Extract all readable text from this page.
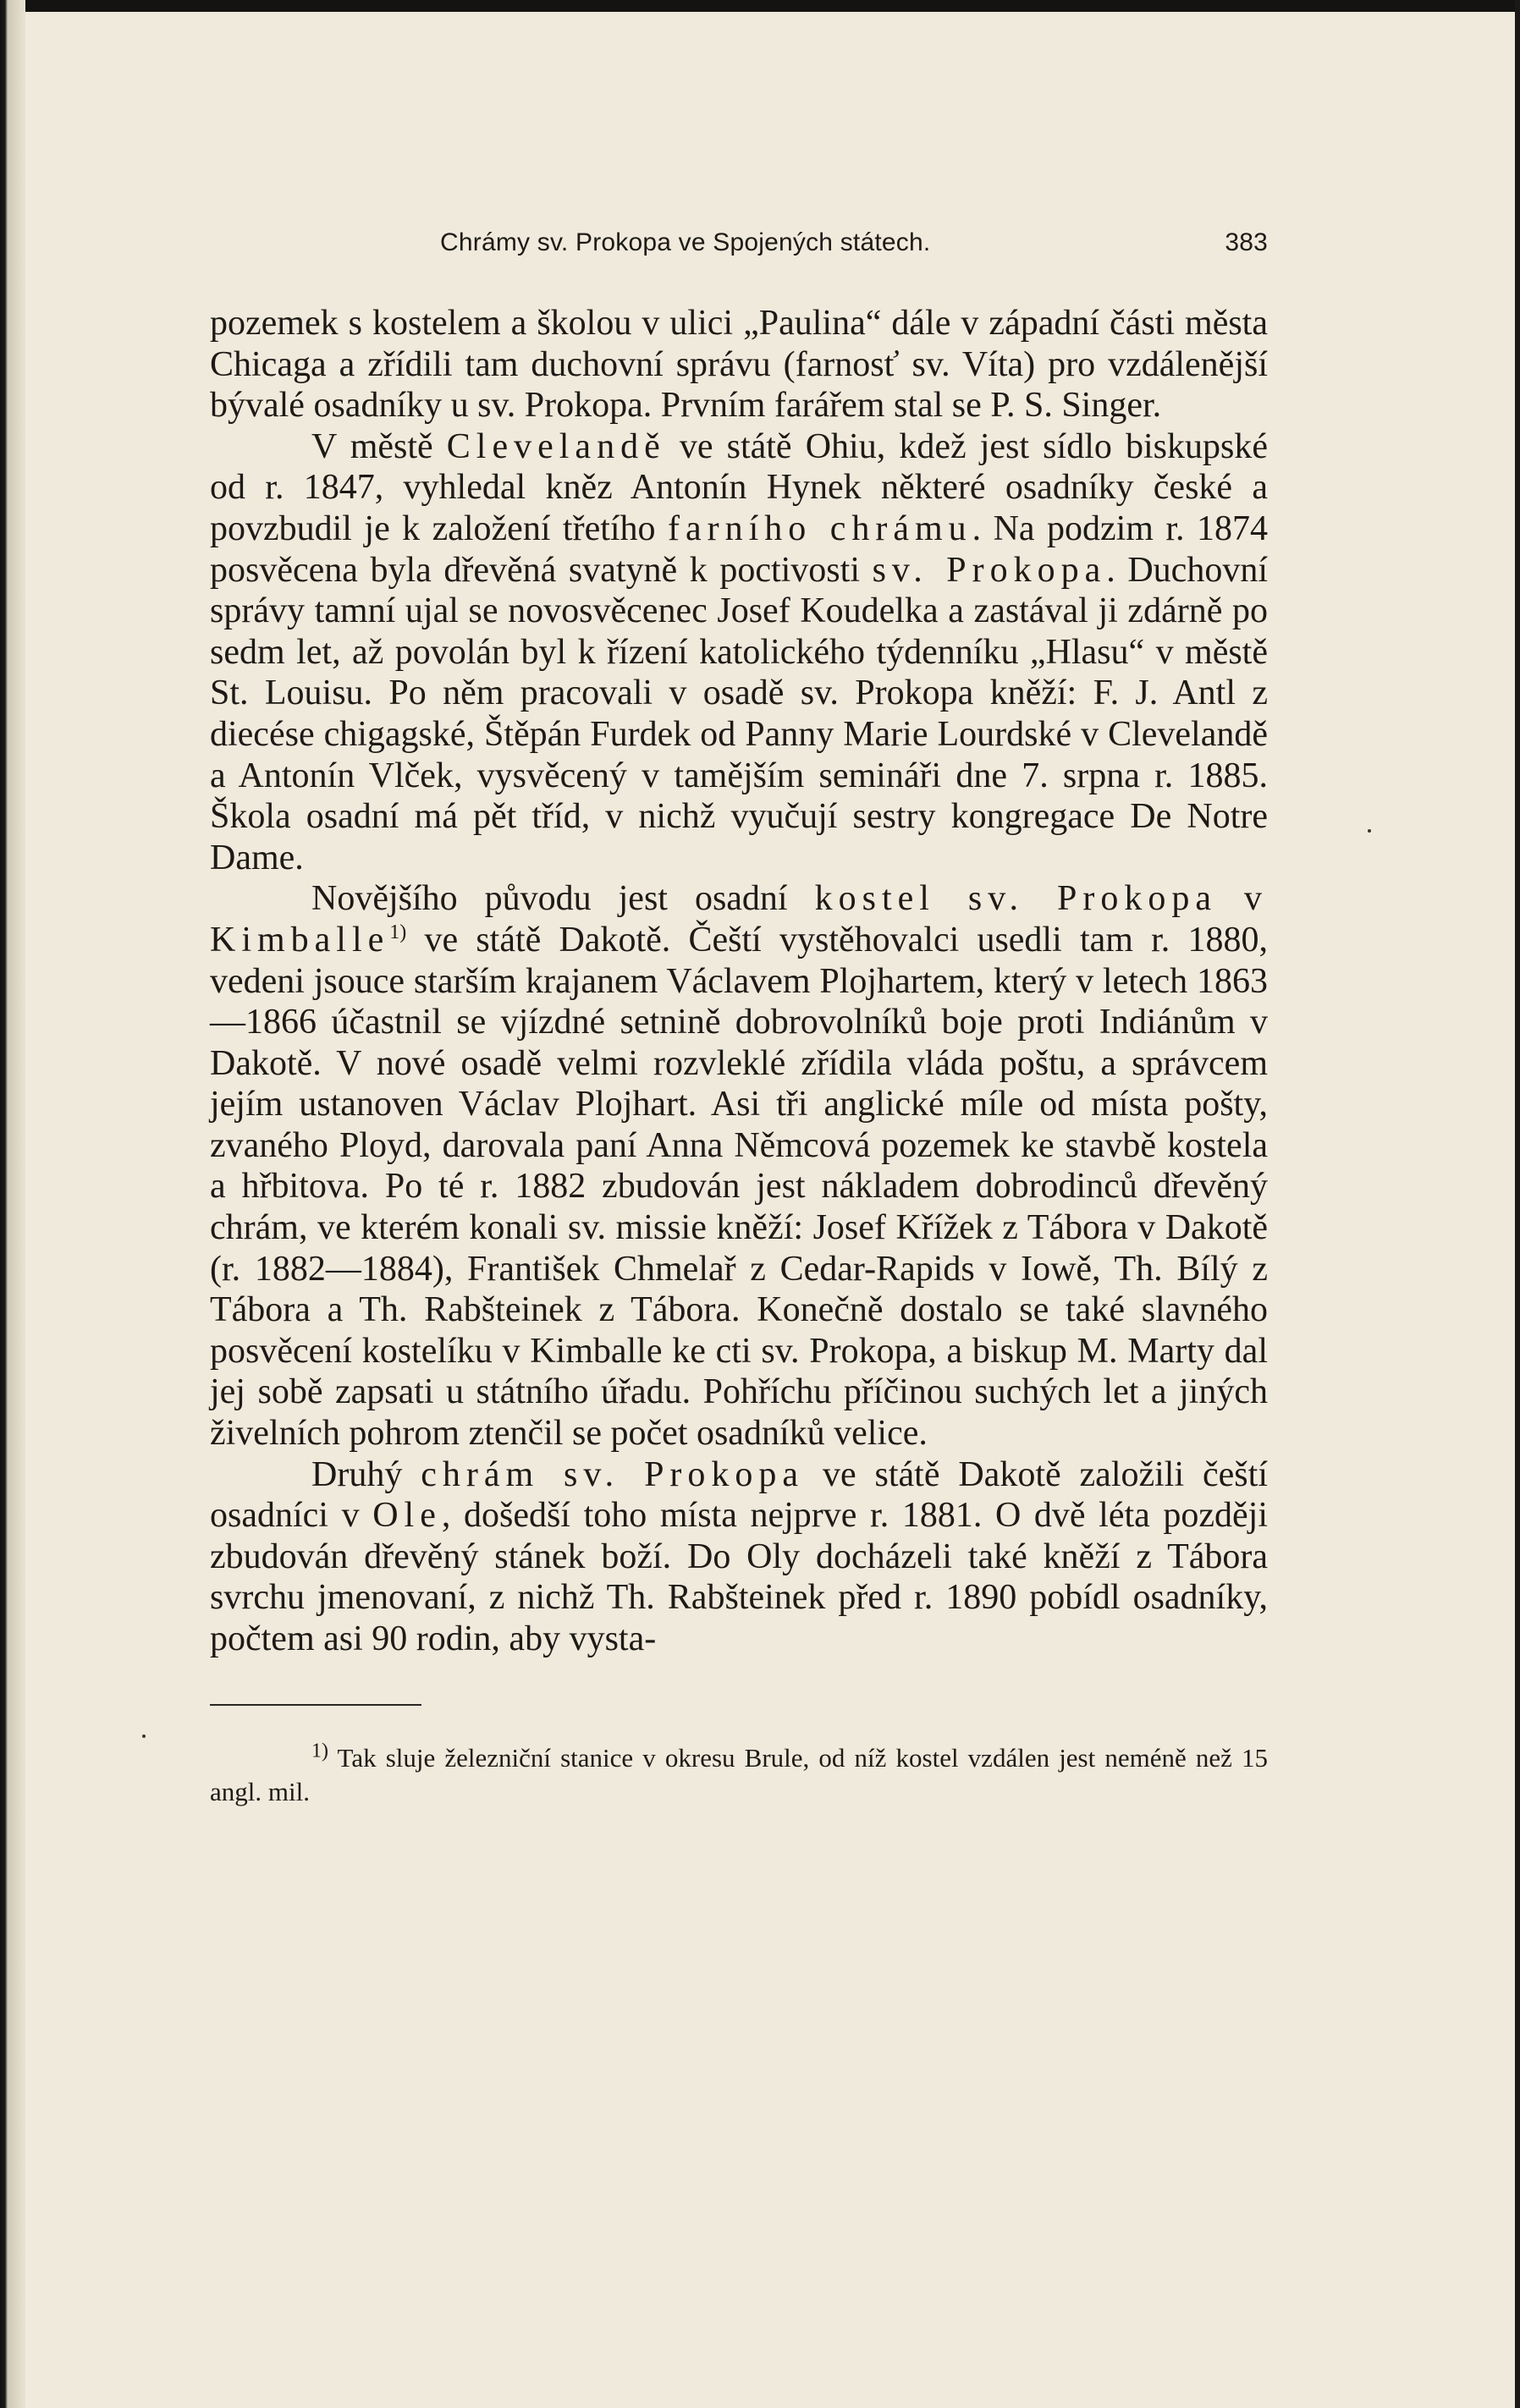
Chrámy sv. Prokopa ve Spojených státech.	383

pozemek s kostelem a školou v ulici „Paulina“ dále v západní části města Chicaga a zřídili tam duchovní správu (farnosť sv. Víta) pro vzdálenější bývalé osadníky u sv. Prokopa. Prvním farářem stal se P. S. Singer.

V městě Clevelandě ve státě Ohiu, kdež jest sídlo biskupské od r. 1847, vyhledal kněz Antonín Hynek některé osadníky české a povzbudil je k založení třetího farního chrámu. Na podzim r. 1874 posvěcena byla dřevěná svatyně k poctivosti sv. Prokopa. Duchovní správy tamní ujal se novosvěcenec Josef Koudelka a zastával ji zdárně po sedm let, až povolán byl k řízení katolického týdenníku „Hlasu“ v městě St. Louisu. Po něm pracovali v osadě sv. Prokopa kněží: F. J. Antl z diecése chigagské, Štěpán Furdek od Panny Marie Lourdské v Clevelandě a Antonín Vlček, vysvěcený v tamějším semináři dne 7. srpna r. 1885. Škola osadní má pět tříd, v nichž vyučují sestry kongregace De Notre Dame.

Novějšího původu jest osadní kostel sv. Prokopa v Kimballe$^{1)}$ ve státě Dakotě. Čeští vystěhovalci usedli tam r. 1880, vedeni jsouce starším krajanem Václavem Plojhartem, který v letech 1863—1866 účastnil se vjízdné setnině dobrovolníků boje proti Indiánům v Dakotě. V nové osadě velmi rozvleklé zřídila vláda poštu, a správcem jejím ustanoven Václav Plojhart. Asi tři anglické míle od místa pošty, zvaného Ployd, darovala paní Anna Němcová pozemek ke stavbě kostela a hřbitova. Po té r. 1882 zbudován jest nákladem dobrodinců dřevěný chrám, ve kterém konali sv. missie kněží: Josef Křížek z Tábora v Dakotě (r. 1882—1884), František Chmelař z Cedar-Rapids v Iowě, Th. Bílý z Tábora a Th. Rabšteinek z Tábora. Konečně dostalo se také slavného posvěcení kostelíku v Kimballe ke cti sv. Prokopa, a biskup M. Marty dal jej sobě zapsati u státního úřadu. Pohříchu příčinou suchých let a jiných živelních pohrom ztenčil se počet osadníků velice.

Druhý chrám sv. Prokopa ve státě Dakotě založili čeští osadníci v Ole, došedší toho místa nejprve r. 1881. O dvě léta později zbudován dřevěný stánek boží. Do Oly docházeli také kněží z Tábora svrchu jmenovaní, z nichž Th. Rabšteinek před r. 1890 pobídl osadníky, počtem asi 90 rodin, aby vysta-

$^{1)}$ Tak sluje železniční stanice v okresu Brule, od níž kostel vzdálen jest neméně než 15 angl. mil.
